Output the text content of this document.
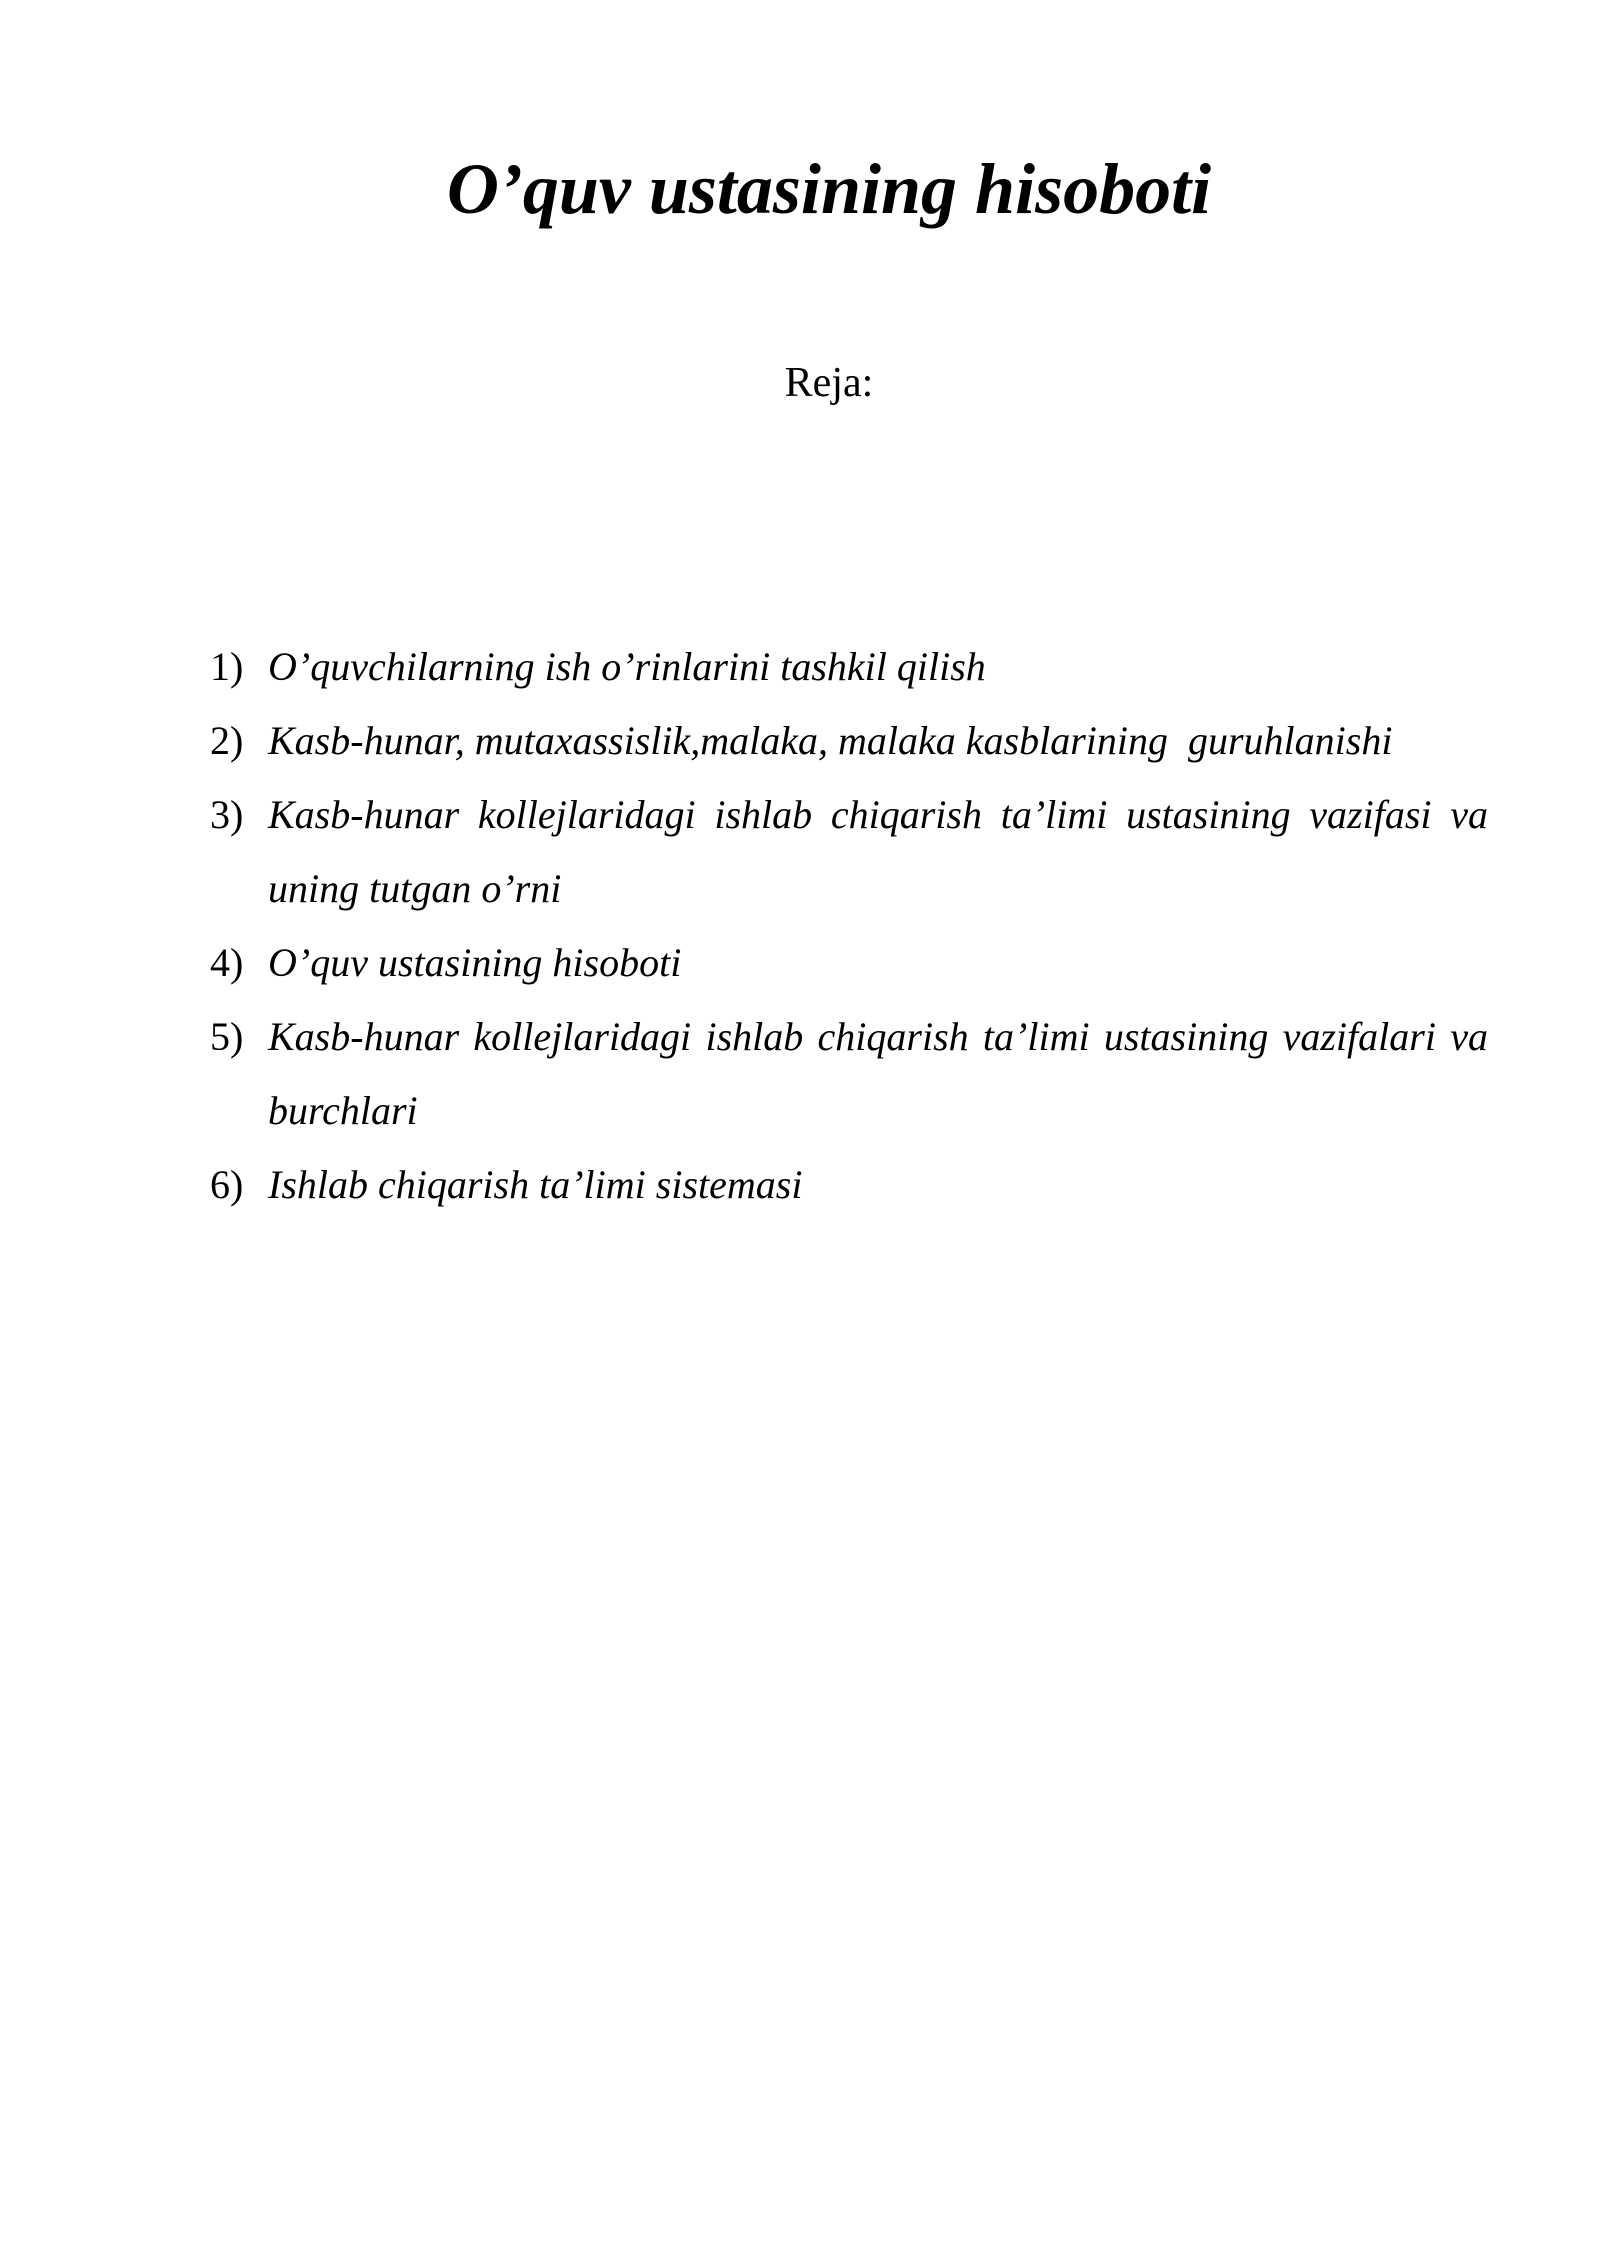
O’quv ustasining hisoboti
Reja:
1) O’quvchilarning ish o’rinlarini tashkil qilish
2) Kasb-hunar, mutaxassislik,malaka, malaka kasblarining  guruhlanishi
3) Kasb-hunar kollejlaridagi ishlab chiqarish ta’limi ustasining vazifasi va uning tutgan o’rni
4) O’quv ustasining hisoboti
5) Kasb-hunar kollejlaridagi ishlab chiqarish ta’limi ustasining vazifalari va burchlari
6) Ishlab chiqarish ta’limi sistemasi
